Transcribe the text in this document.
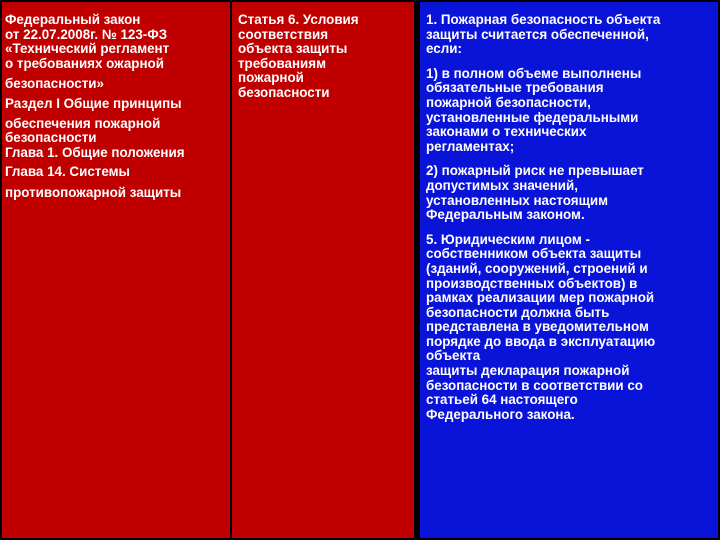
Федеральный закон
от 22.07.2008г. № 123-ФЗ
«Технический регламент
о требованиях ожарной
безопасности»
Раздел I Общие принципы
обеспечения пожарной
безопасности
Глава 1. Общие положения
Глава 14. Системы
противопожарной защиты
Статья 6. Условия
соответствия
объекта защиты
требованиям
пожарной
безопасности
1. Пожарная безопасность объекта
защиты считается обеспеченной,
если:
1) в полном объеме выполнены
обязательные требования
пожарной безопасности,
установленные федеральными
законами о технических
регламентах;
2) пожарный риск не превышает
допустимых значений,
установленных настоящим
Федеральным законом.
5. Юридическим лицом -
собственником объекта защиты
(зданий, сооружений, строений и
производственных объектов) в
рамках реализации мер пожарной
безопасности должна быть
представлена в уведомительном
порядке до ввода в эксплуатацию
объекта
защиты декларация пожарной
безопасности в соответствии со
статьей 64 настоящего
Федерального закона.
